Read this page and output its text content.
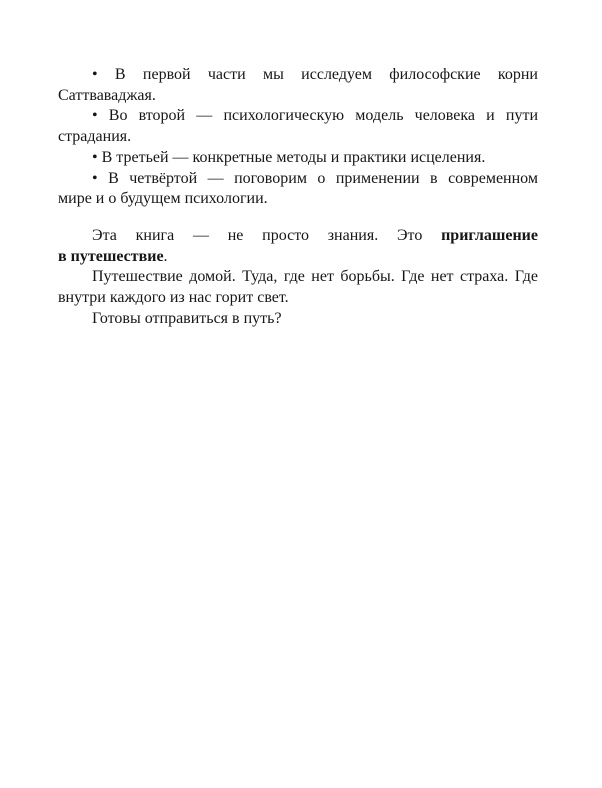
• В первой части мы исследуем философские корни
Саттваваджая.
• Во второй — психологическую модель человека и пути
страдания.
• В третьей — конкретные методы и практики исцеления.
• В четвёртой — поговорим о применении в современном
мире и о будущем психологии.
Эта книга — не просто знания. Это приглашение
в путешествие.
Путешествие домой. Туда, где нет борьбы. Где нет страха. Где
внутри каждого из нас горит свет.
Готовы отправиться в путь?
